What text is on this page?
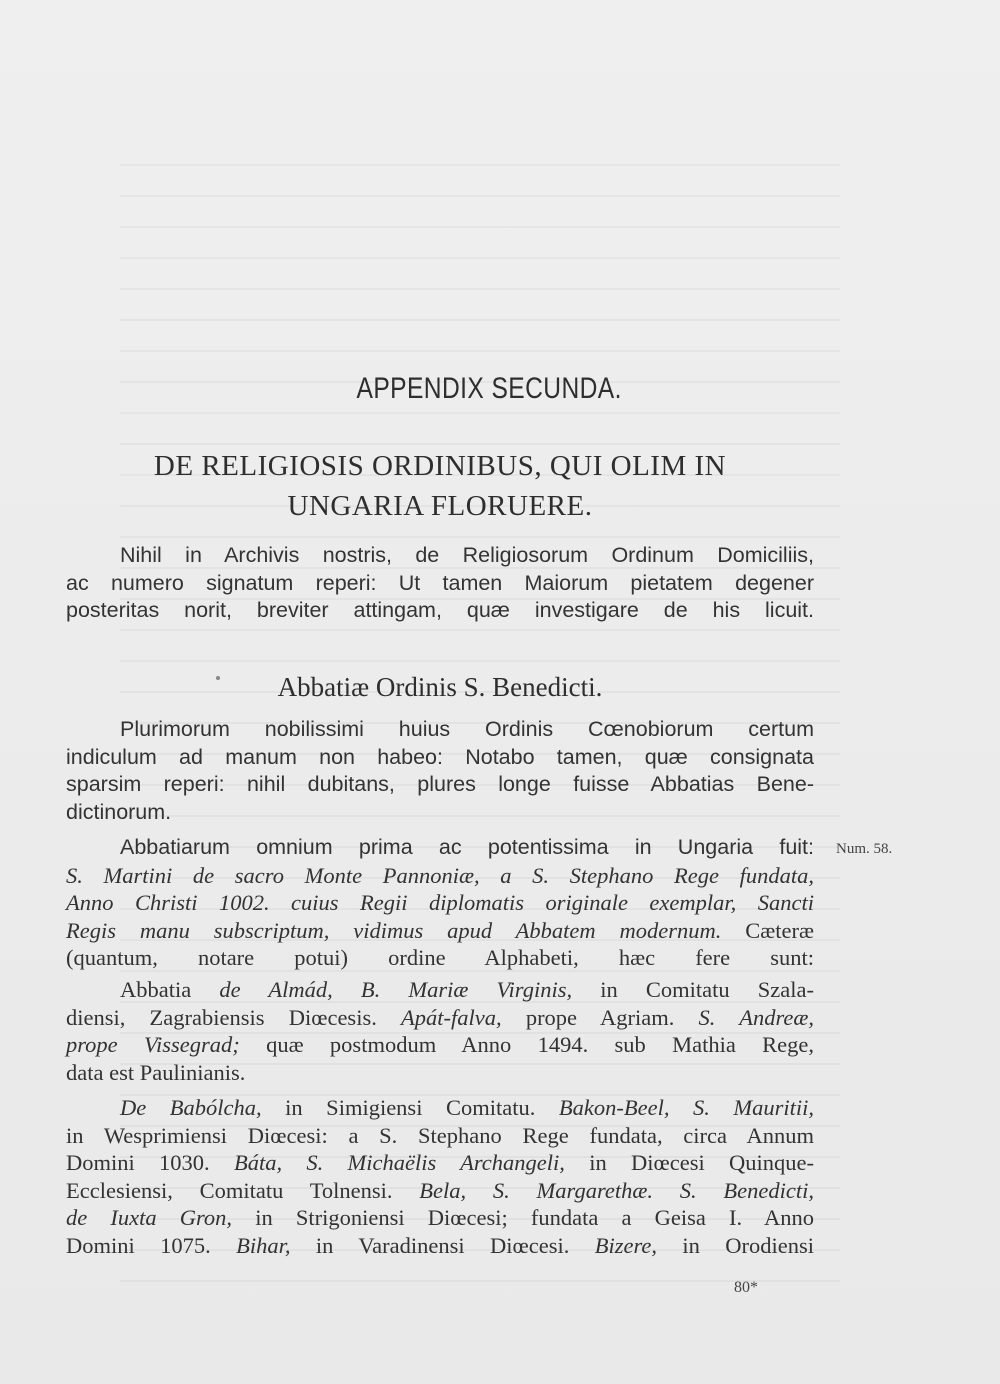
APPENDIX SECUNDA.
DE RELIGIOSIS ORDINIBUS, QUI OLIM IN
UNGARIA FLORUERE.
Nihil in Archivis nostris, de Religiosorum Ordinum Domiciliis,
ac numero signatum reperi: Ut tamen Maiorum pietatem degener
posteritas norit, breviter attingam, quæ investigare de his licuit.
Abbatiæ Ordinis S. Benedicti.
Plurimorum nobilissimi huius Ordinis Cœnobiorum certum
indiculum ad manum non habeo: Notabo tamen, quæ consignata
sparsim reperi: nihil dubitans, plures longe fuisse Abbatias Bene-
dictinorum.
Abbatiarum omnium prima ac potentissima in Ungaria fuit:
S. Martini de sacro Monte Pannoniæ, a S. Stephano Rege fundata,
Anno Christi 1002. cuius Regii diplomatis originale exemplar, Sancti
Regis manu subscriptum, vidimus apud Abbatem modernum. Cæteræ
(quantum, notare potui) ordine Alphabeti, hæc fere sunt:
Num. 58.
Abbatia de Almád, B. Mariæ Virginis, in Comitatu Szala-
diensi, Zagrabiensis Diœcesis. Apát-falva, prope Agriam. S. Andreæ,
prope Vissegrad; quæ postmodum Anno 1494. sub Mathia Rege,
data est Paulinianis.
De Babólcha, in Simigiensi Comitatu. Bakon-Beel, S. Mauritii,
in Wesprimiensi Diœcesi: a S. Stephano Rege fundata, circa Annum
Domini 1030. Báta, S. Michaëlis Archangeli, in Diœcesi Quinque-
Ecclesiensi, Comitatu Tolnensi. Bela, S. Margarethæ. S. Benedicti,
de Iuxta Gron, in Strigoniensi Diœcesi; fundata a Geisa I. Anno
Domini 1075. Bihar, in Varadinensi Diœcesi. Bizere, in Orodiensi
80*
